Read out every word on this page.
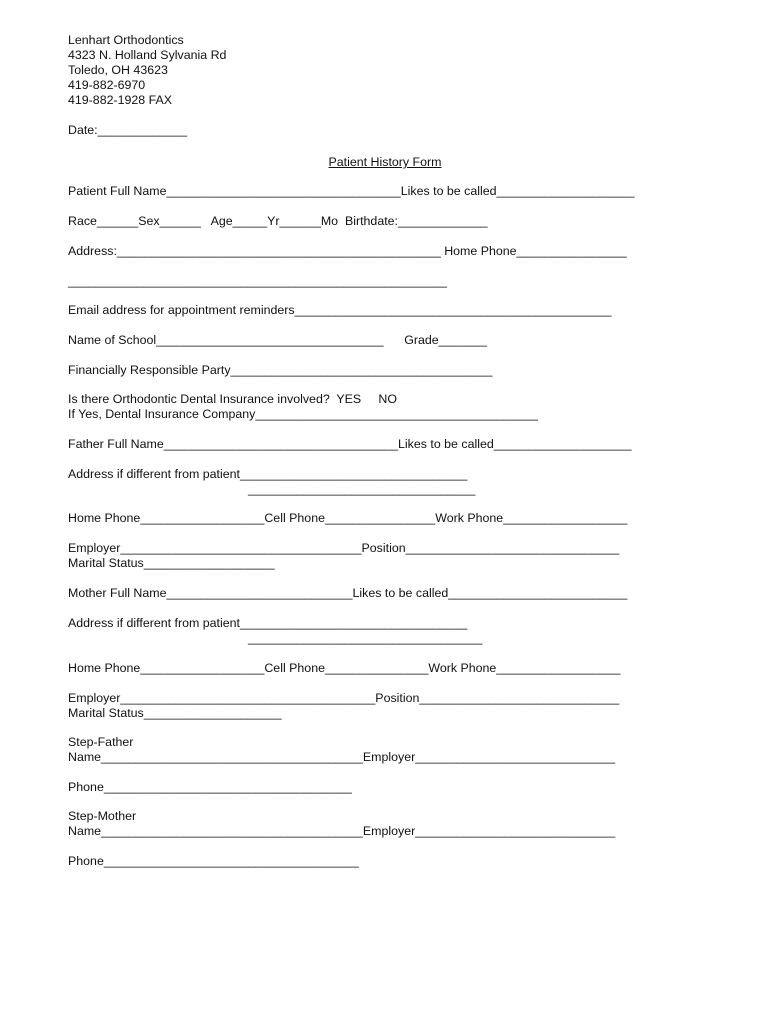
Lenhart Orthodontics
4323 N. Holland Sylvania Rd
Toledo, OH 43623
419-882-6970
419-882-1928 FAX
Date:_____________
Patient History Form
Patient Full Name__________________________________Likes to be called____________________
Race______Sex______   Age_____Yr______Mo  Birthdate:_____________
Address:_______________________________________________ Home Phone________________
_______________________________________________________
Email address for appointment reminders______________________________________________
Name of School_________________________________      Grade_______
Financially Responsible Party______________________________________
Is there Orthodontic Dental Insurance involved?  YES     NO
If Yes, Dental Insurance Company_________________________________________
Father Full Name__________________________________Likes to be called____________________
Address if different from patient_________________________________
_________________________________
Home Phone__________________Cell Phone________________Work Phone__________________
Employer___________________________________Position_______________________________
Marital Status___________________
Mother Full Name___________________________Likes to be called__________________________
Address if different from patient_________________________________
__________________________________
Home Phone__________________Cell Phone_______________Work Phone__________________
Employer_____________________________________Position_____________________________
Marital Status____________________
Step-Father
Name______________________________________Employer_____________________________
Phone____________________________________
Step-Mother
Name______________________________________Employer_____________________________
Phone_____________________________________
